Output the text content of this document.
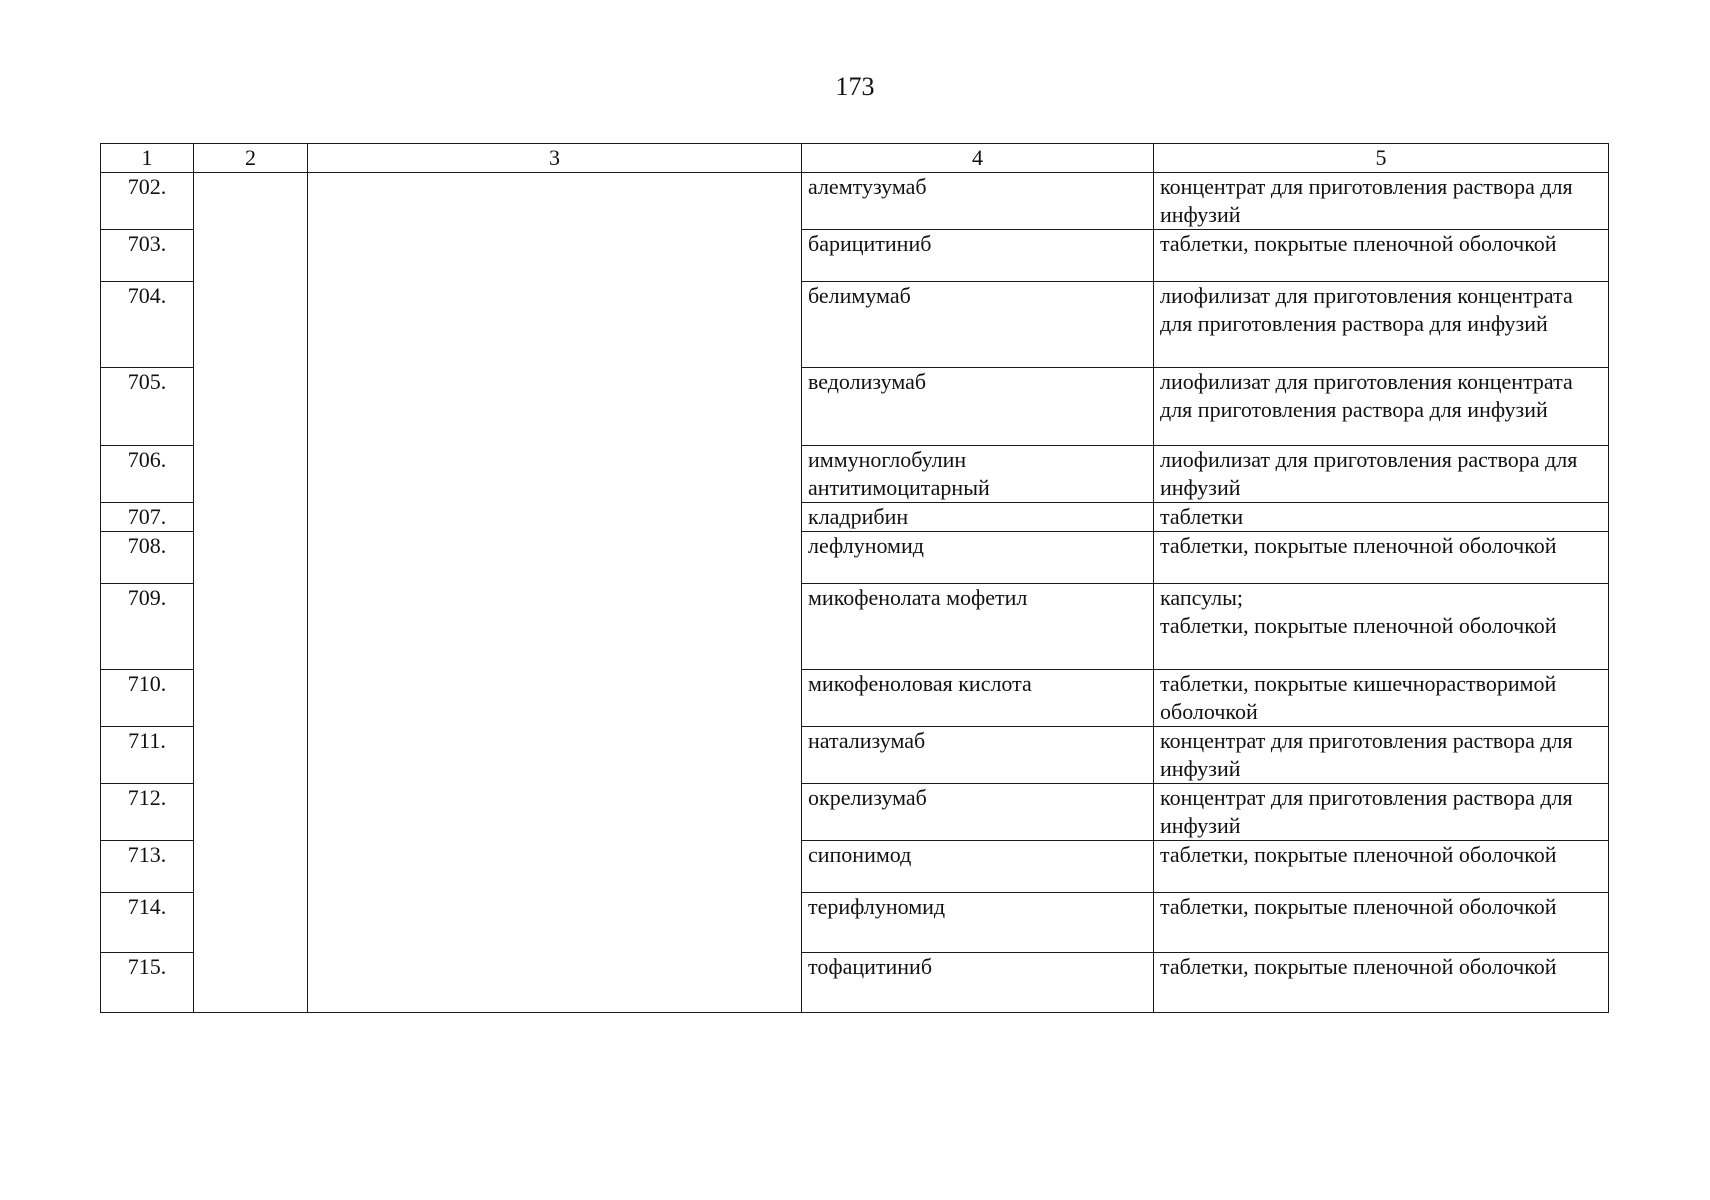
173
1	2	3	4	5
702.			алемтузумаб	концентрат для приготовления раствора для инфузий

703.			барицитиниб	таблетки, покрытые пленочной оболочкой

704.			белимумаб	лиофилизат для приготовления концентрата для приготовления раствора для инфузий

705.			ведолизумаб	лиофилизат для приготовления концентрата для приготовления раствора для инфузий

706.			иммуноглобулин антитимоцитарный	лиофилизат для приготовления раствора для инфузий

707.			кладрибин	таблетки

708.			лефлуномид	таблетки, покрытые пленочной оболочкой

709.			микофенолата мофетил	капсулы;
таблетки, покрытые пленочной оболочкой

710.			микофеноловая кислота	таблетки, покрытые кишечнорастворимой оболочкой

711.			натализумаб	концентрат для приготовления раствора для инфузий

712.			окрелизумаб	концентрат для приготовления раствора для инфузий

713.			сипонимод	таблетки, покрытые пленочной оболочкой

714.			терифлуномид	таблетки, покрытые пленочной оболочкой

715.			тофацитиниб	таблетки, покрытые пленочной оболочкой
